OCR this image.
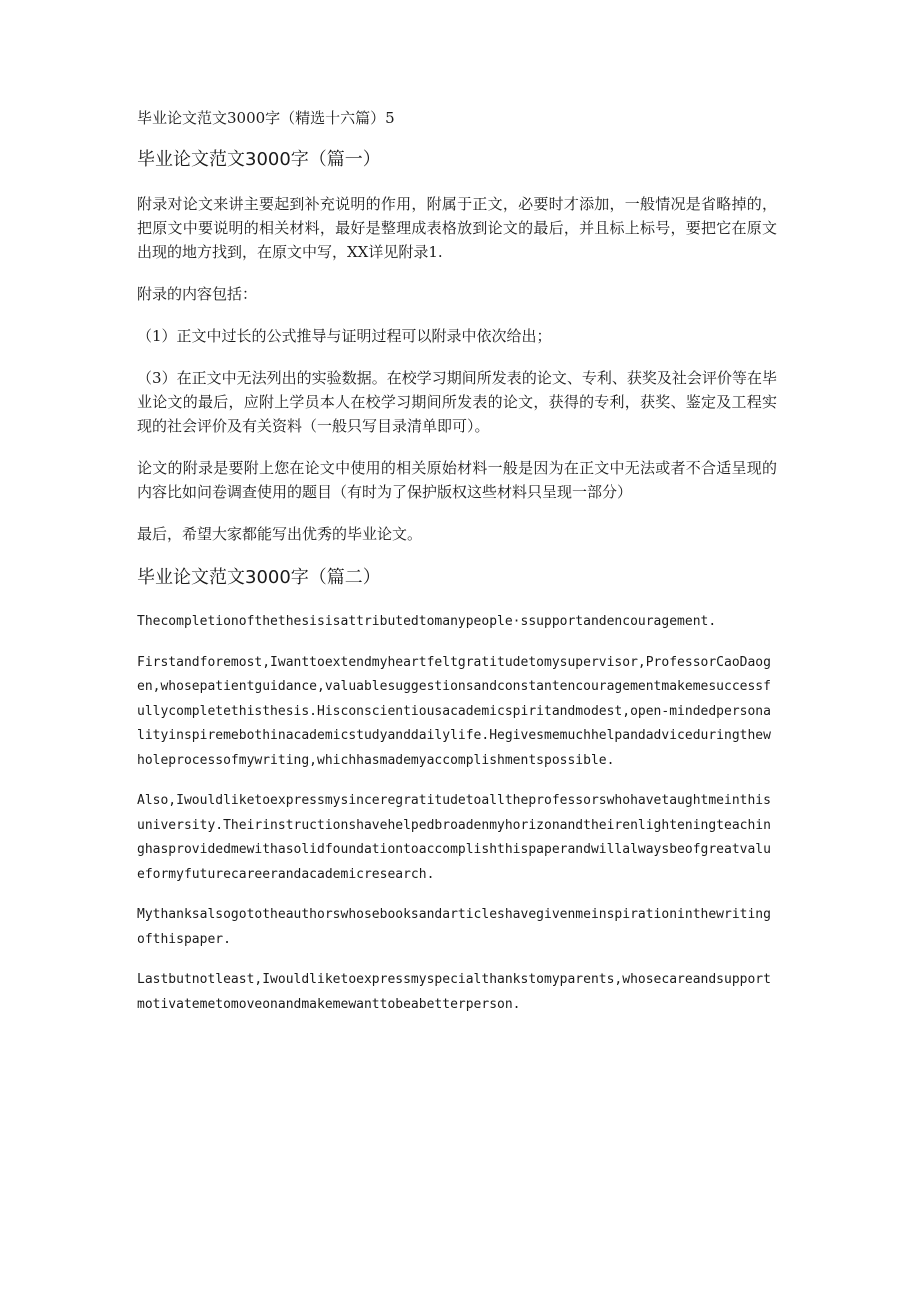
毕业论文范文3000字（精选十六篇）5

毕业论文范文3000字（篇一）

附录对论文来讲主要起到补充说明的作用，附属于正文，必要时才添加，一般情况是省略掉的，把原文中要说明的相关材料，最好是整理成表格放到论文的最后，并且标上标号，要把它在原文出现的地方找到，在原文中写，XX详见附录1.

附录的内容包括：

（1）正文中过长的公式推导与证明过程可以附录中依次给出；

（3）在正文中无法列出的实验数据。在校学习期间所发表的论文、专利、获奖及社会评价等在毕业论文的最后，应附上学员本人在校学习期间所发表的论文，获得的专利，获奖、鉴定及工程实现的社会评价及有关资料（一般只写目录清单即可）。

论文的附录是要附上您在论文中使用的相关原始材料一般是因为在正文中无法或者不合适呈现的内容比如问卷调查使用的题目（有时为了保护版权这些材料只呈现一部分）

最后，希望大家都能写出优秀的毕业论文。

毕业论文范文3000字（篇二）

Thecompletionofthethesisisattributedtomanypeople·ssupportandencouragement.

Firstandforemost,Iwanttoextendmyheartfeltgratitudetomysupervisor,ProfessorCaoDaogen,whosepatientguidance,valuablesuggestionsandconstantencouragementmakemesuccessfullycompletethisthesis.Hisconscientiousacademicspiritandmodest,open-mindedpersonalityinspiremebothinacademicstudyanddailylife.Hegivesmemuchhelpandadviceduringthewholeprocessofmywriting,whichhasmademyaccomplishmentspossible.

Also,Iwouldliketoexpressmysinceregratitudetoalltheprofessorswhohavetaughtmeinthisuniversity.Theirinstructionshavehelpedbroadenmyhorizonandtheirenlighteningteachinghasprovidedmewithasolidfoundationtoaccomplishthispaperandwillalwaysbeofgreatvalueformyfuturecareerandacademicresearch.

Mythanksalsogototheauthorswhosebooksandarticleshavegivenmeinspirationinthewritingofthispaper.

Lastbutnotleast,Iwouldliketoexpressmyspecialthankstomyparents,whosecareandsupportmotivatemetomoveonandmakemewanttobeabetterperson.
